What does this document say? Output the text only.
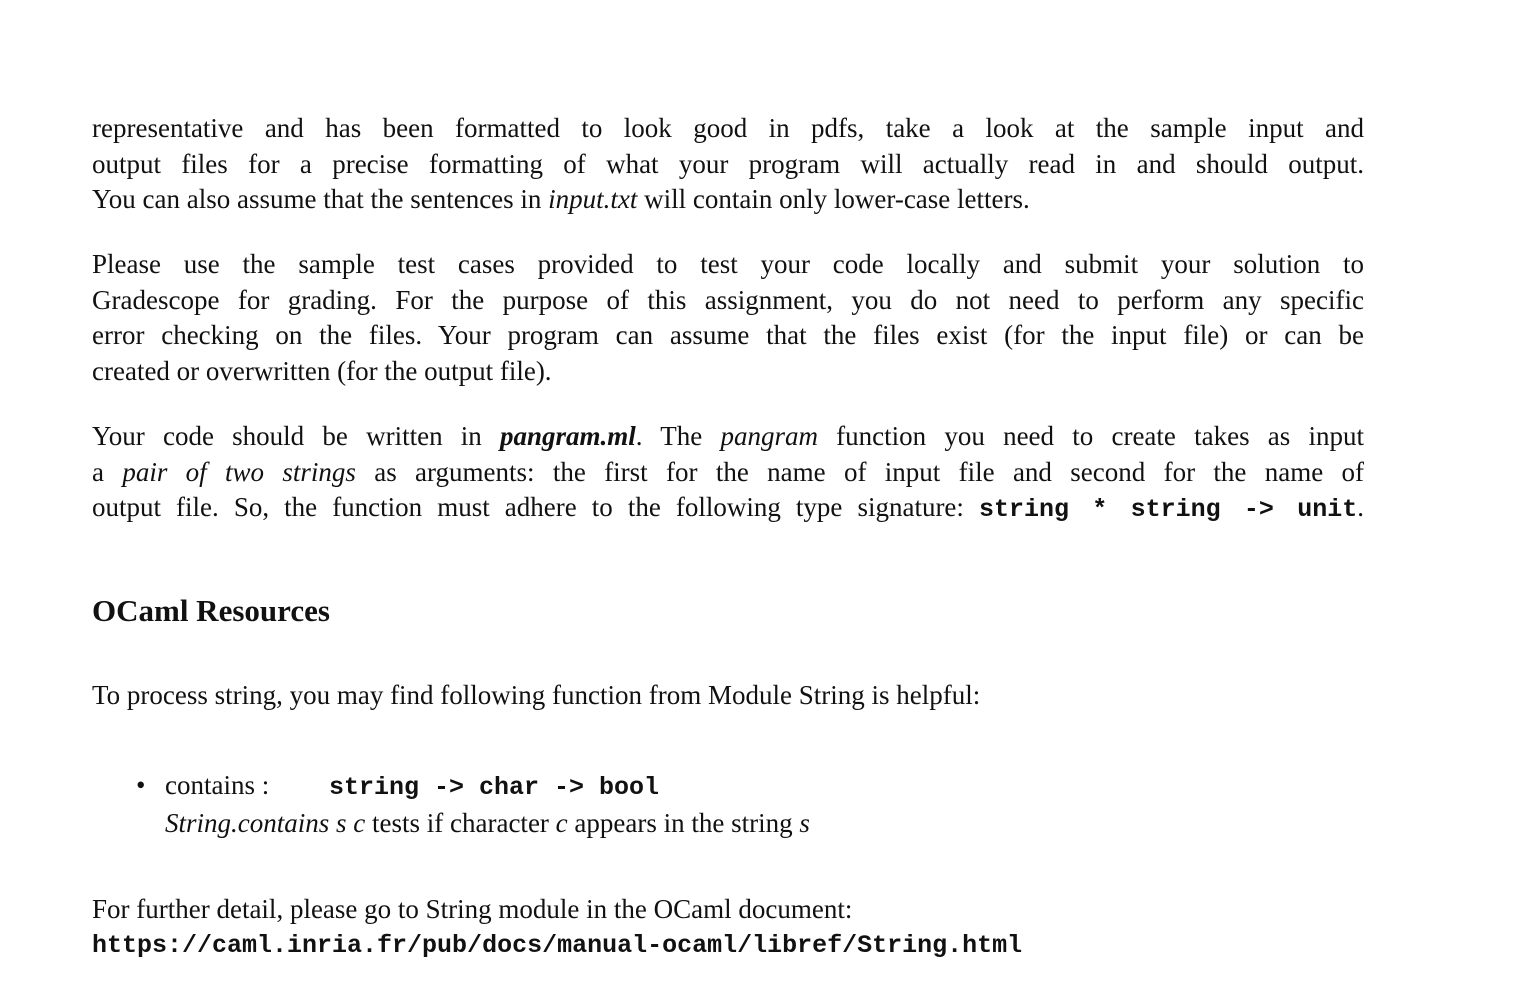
representative and has been formatted to look good in pdfs, take a look at the sample input and
output files for a precise formatting of what your program will actually read in and should output.
You can also assume that the sentences in input.txt will contain only lower-case letters.

Please use the sample test cases provided to test your code locally and submit your solution to
Gradescope for grading. For the purpose of this assignment, you do not need to perform any specific
error checking on the files. Your program can assume that the files exist (for the input file) or can be
created or overwritten (for the output file).

Your code should be written in pangram.ml. The pangram function you need to create takes as input
a pair of two strings as arguments: the first for the name of input file and second for the name of
output file. So, the function must adhere to the following type signature: string * string -> unit.

OCaml Resources

To process string, you may find following function from Module String is helpful:

• contains : string -> char -> bool
String.contains s c tests if character c appears in the string s

For further detail, please go to String module in the OCaml document:
https://caml.inria.fr/pub/docs/manual-ocaml/libref/String.html
